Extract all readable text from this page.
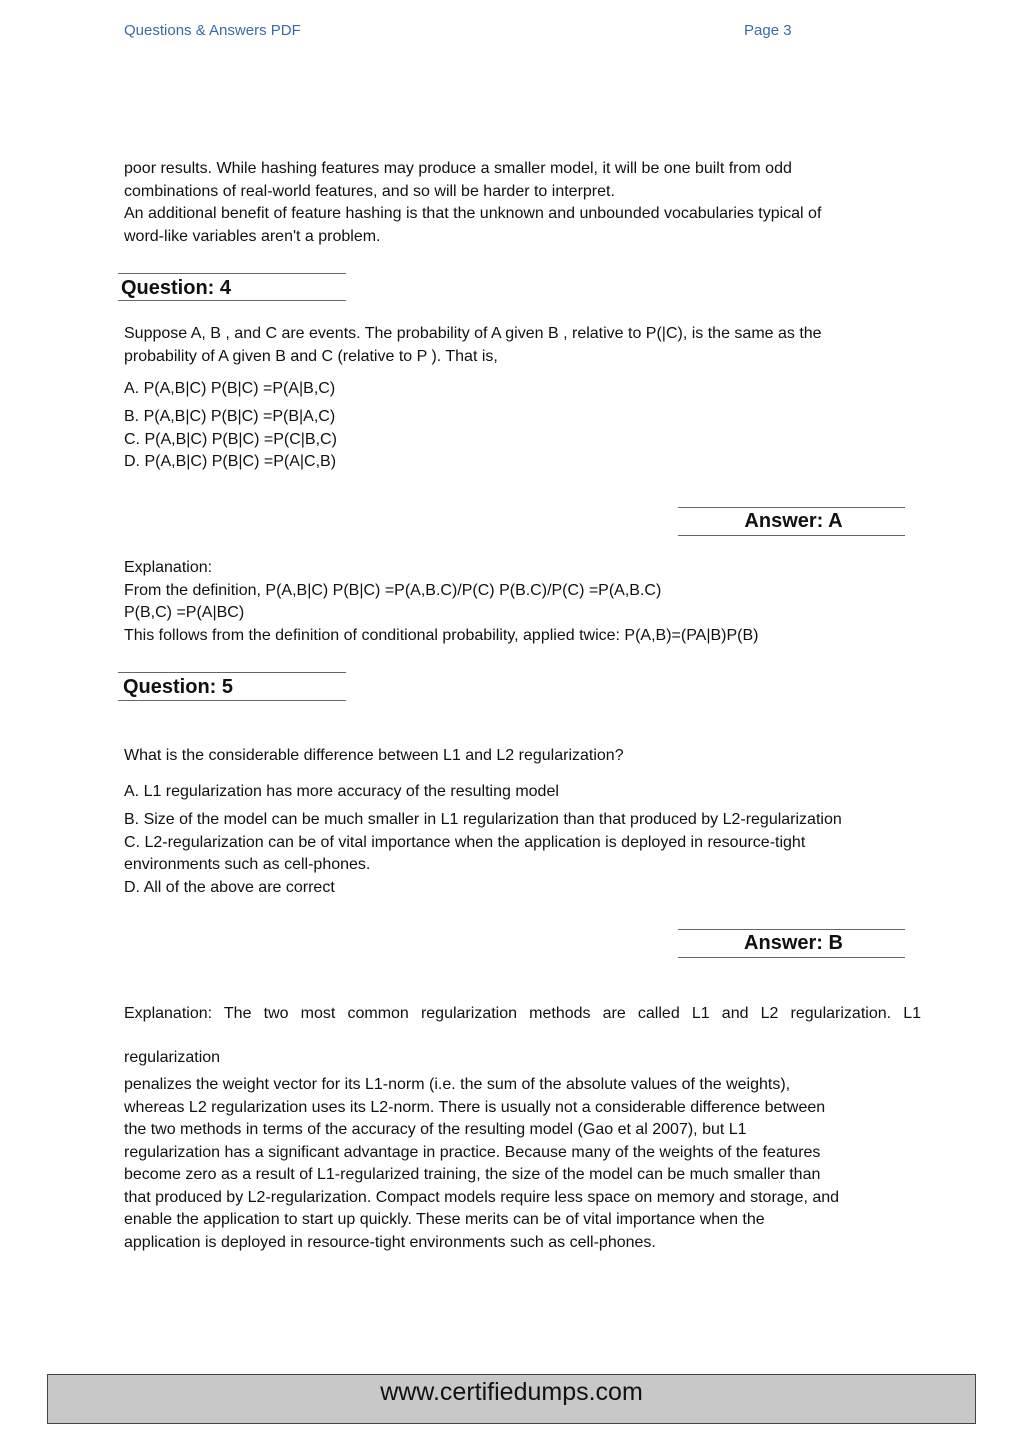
Questions & Answers PDF	Page 3
poor results. While hashing features may produce a smaller model, it will be one built from odd
combinations of real-world features, and so will be harder to interpret.
An additional benefit of feature hashing is that the unknown and unbounded vocabularies typical of
word-like variables aren't a problem.
Question: 4
Suppose A, B , and C are events. The probability of A given B , relative to P(|C), is the same as the
probability of A given B and C (relative to P ). That is,
A. P(A,B|C) P(B|C) =P(A|B,C)
B. P(A,B|C) P(B|C) =P(B|A,C)
C. P(A,B|C) P(B|C) =P(C|B,C)
D. P(A,B|C) P(B|C) =P(A|C,B)
Answer: A
Explanation:
From the definition, P(A,B|C) P(B|C) =P(A,B.C)/P(C) P(B.C)/P(C) =P(A,B.C)
P(B,C) =P(A|BC)
This follows from the definition of conditional probability, applied twice: P(A,B)=(PA|B)P(B)
Question: 5
What is the considerable difference between L1 and L2 regularization?
A. L1 regularization has more accuracy of the resulting model
B. Size of the model can be much smaller in L1 regularization than that produced by L2-regularization
C. L2-regularization can be of vital importance when the application is deployed in resource-tight
environments such as cell-phones.
D. All of the above are correct
Answer: B
Explanation: The two most common regularization methods are called L1 and L2 regularization. L1
regularization
penalizes the weight vector for its L1-norm (i.e. the sum of the absolute values of the weights),
whereas L2 regularization uses its L2-norm. There is usually not a considerable difference between
the two methods in terms of the accuracy of the resulting model (Gao et al 2007), but L1
regularization has a significant advantage in practice. Because many of the weights of the features
become zero as a result of L1-regularized training, the size of the model can be much smaller than
that produced by L2-regularization. Compact models require less space on memory and storage, and
enable the application to start up quickly. These merits can be of vital importance when the
application is deployed in resource-tight environments such as cell-phones.
www.certifiedumps.com
